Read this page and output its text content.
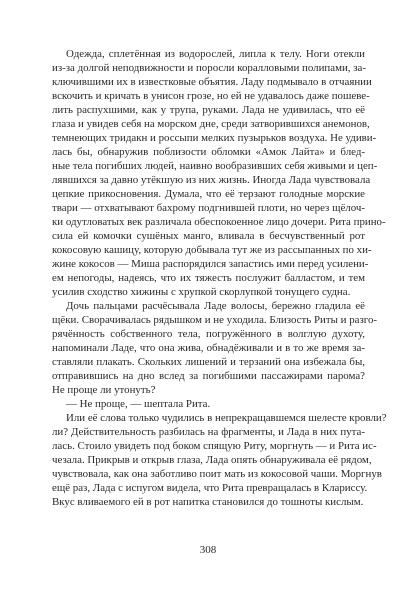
Одежда, сплетённая из водорослей, липла к телу. Ноги отекли
из-за долгой неподвижности и поросли коралловыми полипами, за-
ключившими их в известковые объятия. Ладу подмывало в отчаянии
вскочить и кричать в унисон грозе, но ей не удавалось даже пошеве-
лить распухшими, как у трупа, руками. Лада не удивилась, что её
глаза и увидев себя на морском дне, среди затворившихся анемонов,
темнеющих тридакн и россыпи мелких пузырьков воздуха. Не удиви-
лась бы, обнаружив поблизости обломки «Амок Лайта» и блед-
ные тела погибших людей, наивно вообразивших себя живыми и цеп-
лявшихся за давно утёкшую из них жизнь. Иногда Лада чувствовала
цепкие прикосновения. Думала, что её терзают голодные морские
твари — отхватывают бахрому подгнившей плоти, но через щёлоч-
ки одутловатых век различала обеспокоенное лицо дочери. Рита прино-
сила ей комочки сушёных манго, вливала в бесчувственный рот
кокосовую кашицу, которую добывала тут же из рассыпанных по хи-
жине кокосов — Миша распорядился запастись ими перед усилени-
ем непогоды, надеясь, что их тяжесть послужит балластом, и тем
усилив сходство хижины с хрупкой скорлупкой тонущего судна.
Дочь пальцами расчёсывала Ладе волосы, бережно гладила её
щёки. Сворачивалась рядышком и не уходила. Близость Риты и разго-
рячённость собственного тела, погружённого в волглую духоту,
напоминали Ладе, что она жива, обнадёживали и в то же время за-
ставляли плакать. Скольких лишений и терзаний она избежала бы,
отправившись на дно вслед за погибшими пассажирами парома?
Не проще ли утонуть?
— Не проще, — шептала Рита.
Или её слова только чудились в непрекращавшемся шелесте кровли?
ли? Действительность разбилась на фрагменты, и Лада в них пута-
лась. Стоило увидеть под боком спящую Риту, моргнуть — и Рита ис-
чезала. Прикрыв и открыв глаза, Лада опять обнаруживала её рядом,
чувствовала, как она заботливо поит мать из кокосовой чаши. Моргнув
ещё раз, Лада с испугом видела, что Рита превращалась в Клариссу.
Вкус вливаемого ей в рот напитка становился до тошноты кислым.
308
